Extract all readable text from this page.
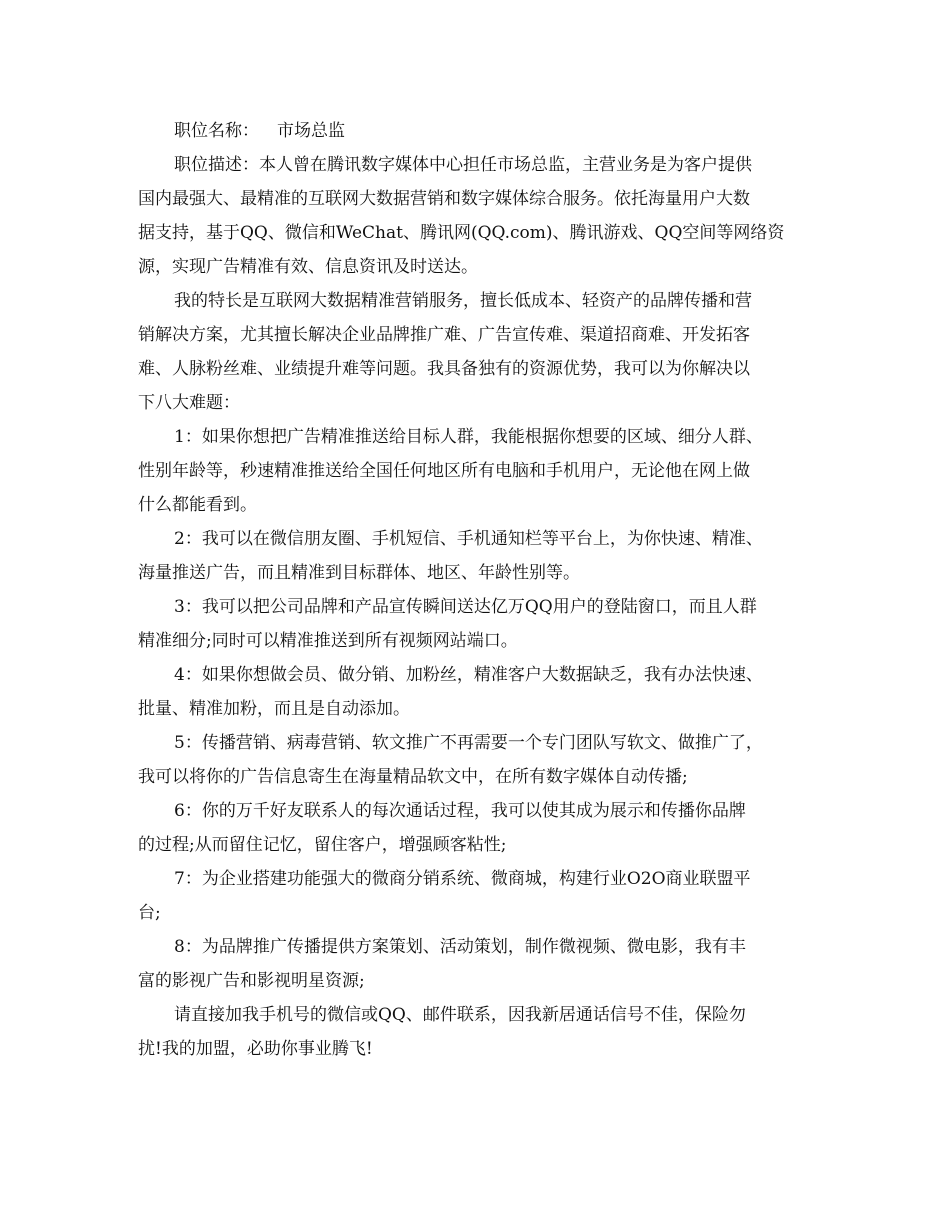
职位名称： 市场总监
职位描述：本人曾在腾讯数字媒体中心担任市场总监，主营业务是为客户提供
国内最强大、最精准的互联网大数据营销和数字媒体综合服务。依托海量用户大数
据支持，基于QQ、微信和WeChat、腾讯网(QQ.com)、腾讯游戏、QQ空间等网络资
源，实现广告精准有效、信息资讯及时送达。
我的特长是互联网大数据精准营销服务，擅长低成本、轻资产的品牌传播和营
销解决方案，尤其擅长解决企业品牌推广难、广告宣传难、渠道招商难、开发拓客
难、人脉粉丝难、业绩提升难等问题。我具备独有的资源优势，我可以为你解决以
下八大难题：
1：如果你想把广告精准推送给目标人群，我能根据你想要的区域、细分人群、
性别年龄等，秒速精准推送给全国任何地区所有电脑和手机用户，无论他在网上做
什么都能看到。
2：我可以在微信朋友圈、手机短信、手机通知栏等平台上，为你快速、精准、
海量推送广告，而且精准到目标群体、地区、年龄性别等。
3：我可以把公司品牌和产品宣传瞬间送达亿万QQ用户的登陆窗口，而且人群
精准细分;同时可以精准推送到所有视频网站端口。
4：如果你想做会员、做分销、加粉丝，精准客户大数据缺乏，我有办法快速、
批量、精准加粉，而且是自动添加。
5：传播营销、病毒营销、软文推广不再需要一个专门团队写软文、做推广了，
我可以将你的广告信息寄生在海量精品软文中，在所有数字媒体自动传播;
6：你的万千好友联系人的每次通话过程，我可以使其成为展示和传播你品牌
的过程;从而留住记忆，留住客户，增强顾客粘性;
7：为企业搭建功能强大的微商分销系统、微商城，构建行业O2O商业联盟平
台;
8：为品牌推广传播提供方案策划、活动策划，制作微视频、微电影，我有丰
富的影视广告和影视明星资源;
请直接加我手机号的微信或QQ、邮件联系，因我新居通话信号不佳，保险勿
扰!我的加盟，必助你事业腾飞!
